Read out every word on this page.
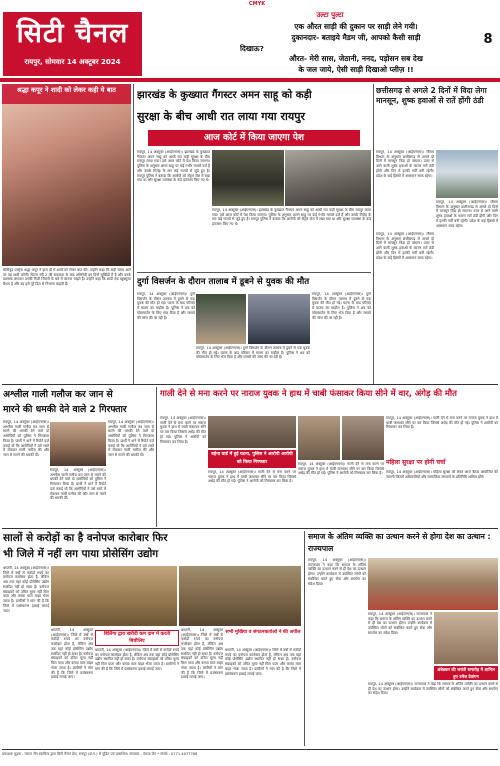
CMYK
सिटी चैनल
रायपुर, सोमवार 14 अक्टूबर 2024
उल्टा पुल्टा
एक औरत साड़ी की दुकान पर साड़ी लेने गयी।
दुकानदार- बताइये मैडम जी, आपको कैसी साड़ी
दिखाऊ?
औरत- मेरी सास, जेठानी, ननद, पड़ोसन सब देख
के जल जाये, ऐसी साड़ी दिखाओ प्लीज़ !!
8
श्रद्धा कपूर ने शादी को लेकर कही ये बात
बॉलीवुड एक्ट्रेस श्रद्धा कपूर ने हाल ही में शादी को लेकर बात की। उन्होंने कहा कि सही समय आने पर वह शादी करेंगी। फिल्म स्त्री 2 की सफलता के बाद अभिनेत्री इन दिनों सुर्खियों में हैं और उनके प्रशंसक लगातार उनकी निजी जिंदगी के बारे में जानना चाहते हैं। उन्होंने कहा कि शादी एक खूबसूरत रिश्ता है और वह इसे पूरे दिल से निभाना चाहती हैं।
झारखंड के कुख्यात गैंगस्टर अमन साहू को कड़ी
सुरक्षा के बीच आधी रात लाया गया रायपुर
आज कोर्ट में किया जाएगा पेश
रायपुर, 14 अक्टूबर (आईएनएस)। झारखंड के कुख्यात गैंगस्टर अमन साहू को आधी रात कड़ी सुरक्षा के बीच रायपुर लाया गया। उसे आज कोर्ट में पेश किया जाएगा। पुलिस के अनुसार अमन साहू पर कई गंभीर मामले दर्ज हैं और उसके गिरोह के तार कई राज्यों से जुड़े हुए हैं। रायपुर पुलिस ने बताया कि आरोपी को सेंट्रल जेल में रखा गया था और सुरक्षा व्यवस्था के कड़े इंतजाम किए गए थे।
रायपुर, 14 अक्टूबर (आईएनएस)। झारखंड के कुख्यात गैंगस्टर अमन साहू को आधी रात कड़ी सुरक्षा के बीच रायपुर लाया गया। उसे आज कोर्ट में पेश किया जाएगा। पुलिस के अनुसार अमन साहू पर कई गंभीर मामले दर्ज हैं और उसके गिरोह के तार कई राज्यों से जुड़े हुए हैं। रायपुर पुलिस ने बताया कि आरोपी को सेंट्रल जेल में रखा गया था और सुरक्षा व्यवस्था के कड़े इंतजाम किए गए थे।
छत्तीसगढ़ से अगले 2 दिनों में विदा लेगा मानसून, शुष्क हवाओं से रातें होंगी ठंडी
रायपुर, 14 अक्टूबर (आईएनएस)। मौसम विभाग के अनुसार छत्तीसगढ़ से अगले दो दिनों में मानसून विदा हो जाएगा। उत्तर से आने वाली शुष्क हवाओं के कारण रातें ठंडी होंगी और दिन में हल्की गर्मी बनी रहेगी। प्रदेश के कई हिस्सों में आसमान साफ रहेगा।
रायपुर, 14 अक्टूबर (आईएनएस)। मौसम विभाग के अनुसार छत्तीसगढ़ से अगले दो दिनों में मानसून विदा हो जाएगा। उत्तर से आने वाली शुष्क हवाओं के कारण रातें ठंडी होंगी और दिन में हल्की गर्मी बनी रहेगी। प्रदेश के कई हिस्सों में आसमान साफ रहेगा।
रायपुर, 14 अक्टूबर (आईएनएस)। मौसम विभाग के अनुसार छत्तीसगढ़ से अगले दो दिनों में मानसून विदा हो जाएगा। उत्तर से आने वाली शुष्क हवाओं के कारण रातें ठंडी होंगी और दिन में हल्की गर्मी बनी रहेगी। प्रदेश के कई हिस्सों में आसमान साफ रहेगा।
दुर्गा विसर्जन के दौरान तालाब में डूबने से युवक की मौत
रायपुर, 14 अक्टूबर (आईएनएस)। दुर्गा विसर्जन के दौरान तालाब में डूबने से एक युवक की मौत हो गई। घटना के बाद परिवार में मातम का माहौल है। पुलिस ने शव को पोस्टमार्टम के लिए भेज दिया है और मामले की जांच की जा रही है।
रायपुर, 14 अक्टूबर (आईएनएस)। दुर्गा विसर्जन के दौरान तालाब में डूबने से एक युवक की मौत हो गई। घटना के बाद परिवार में मातम का माहौल है। पुलिस ने शव को पोस्टमार्टम के लिए भेज दिया है और मामले की जांच की जा रही है।
रायपुर, 14 अक्टूबर (आईएनएस)। दुर्गा विसर्जन के दौरान तालाब में डूबने से एक युवक की मौत हो गई। घटना के बाद परिवार में मातम का माहौल है। पुलिस ने शव को पोस्टमार्टम के लिए भेज दिया है और मामले की जांच की जा रही है।
अश्लील गाली गलौज कर जान से
मारने की धमकी देने वाले 2 गिरफ्तार
रायपुर, 14 अक्टूबर (आईएनएस)। अश्लील गाली गलौज कर जान से मारने की धमकी देने वाले दो आरोपियों को पुलिस ने गिरफ्तार किया है। प्रार्थी ने थाने में रिपोर्ट दर्ज कराई थी कि आरोपियों ने उसे रास्ते में रोककर गाली गलौज की और जान से मारने की धमकी दी।
रायपुर, 14 अक्टूबर (आईएनएस)। अश्लील गाली गलौज कर जान से मारने की धमकी देने वाले दो आरोपियों को पुलिस ने गिरफ्तार किया है। प्रार्थी ने थाने में रिपोर्ट दर्ज कराई थी कि आरोपियों ने उसे रास्ते में रोककर गाली गलौज की और जान से मारने की धमकी दी।
रायपुर, 14 अक्टूबर (आईएनएस)। अश्लील गाली गलौज कर जान से मारने की धमकी देने वाले दो आरोपियों को पुलिस ने गिरफ्तार किया है। प्रार्थी ने थाने में रिपोर्ट दर्ज कराई थी कि आरोपियों ने उसे रास्ते में रोककर गाली गलौज की और जान से मारने की धमकी दी।
गाली देने से मना करने पर नाराज युवक ने हाथ में चाबी फंसाकर किया सीने में वार, अंगेड़ की मौत
रायपुर, 14 अक्टूबर (आईएनएस)। गाली देने से मना करने पर नाराज युवक ने हाथ में चाबी फंसाकर सीने पर वार किया जिससे अधेड़ की मौत हो गई। पुलिस ने आरोपी को गिरफ्तार कर लिया है।
बहेना वार्ड में हुई घटना, पुलिस ने आरोपी आरोपी को किया गिरफ्तार
रायपुर, 14 अक्टूबर (आईएनएस)। गाली देने से मना करने पर नाराज युवक ने हाथ में चाबी फंसाकर सीने पर वार किया जिससे अधेड़ की मौत हो गई। पुलिस ने आरोपी को गिरफ्तार कर लिया है।
रायपुर, 14 अक्टूबर (आईएनएस)। गाली देने से मना करने पर नाराज युवक ने हाथ में चाबी फंसाकर सीने पर वार किया जिससे अधेड़ की मौत हो गई। पुलिस ने आरोपी को गिरफ्तार कर लिया है।
रायपुर, 14 अक्टूबर (आईएनएस)। गाली देने से मना करने पर नाराज युवक ने हाथ में चाबी फंसाकर सीने पर वार किया जिससे अधेड़ की मौत हो गई। पुलिस ने आरोपी को गिरफ्तार कर लिया है।
महिला सुरक्षा पर होगी चर्चा
रायपुर, 14 अक्टूबर (आईएनएस)। महिला सुरक्षा को लेकर आज बैठक आयोजित की जाएगी जिसमें अधिकारियों और सामाजिक संगठनों के प्रतिनिधि शामिल होंगे।
सालों से करोड़ों का है वनोपज कारोबार फिर
भी जिले में नहीं लग पाया प्रोसेसिंग उद्योग
धमतरी, 14 अक्टूबर (आईएनएस)। जिले में वर्षों से करोड़ों रुपये का वनोपज कारोबार होता है, लेकिन अब तक यहां कोई प्रोसेसिंग उद्योग स्थापित नहीं हो सका है। वनोपज संग्राहकों को उचित मूल्य नहीं मिल पाता और कच्चा माल बाहर भेजा जाता है। ग्रामीणों ने मांग की है कि जिले में प्रसंस्करण इकाई लगाई जाए।
धमतरी, 14 अक्टूबर (आईएनएस)। जिले में वर्षों से करोड़ों रुपये का वनोपज कारोबार होता है, लेकिन अब तक यहां कोई प्रोसेसिंग उद्योग स्थापित नहीं हो सका है। वनोपज संग्राहकों को उचित मूल्य नहीं मिल पाता और कच्चा माल बाहर भेजा जाता है। ग्रामीणों ने मांग की है कि जिले में प्रसंस्करण इकाई लगाई जाए।
बिलिंगा द्वारा खरीदी कम दाम में करती बिचौलिए
धमतरी, 14 अक्टूबर (आईएनएस)। जिले में वर्षों से करोड़ों रुपये का वनोपज कारोबार होता है, लेकिन अब तक यहां कोई प्रोसेसिंग उद्योग स्थापित नहीं हो सका है। वनोपज संग्राहकों को उचित मूल्य नहीं मिल पाता और कच्चा माल बाहर भेजा जाता है। ग्रामीणों ने मांग की है कि जिले में प्रसंस्करण इकाई लगाई जाए।
धमतरी, 14 अक्टूबर (आईएनएस)। जिले में वर्षों से करोड़ों रुपये का वनोपज कारोबार होता है, लेकिन अब तक यहां कोई प्रोसेसिंग उद्योग स्थापित नहीं हो सका है। वनोपज संग्राहकों को उचित मूल्य नहीं मिल पाता और कच्चा माल बाहर भेजा जाता है। ग्रामीणों ने मांग की है कि जिले में प्रसंस्करण इकाई लगाई जाए।
सभी मुखिया व संगठनकर्ताओं ने की अपील
धमतरी, 14 अक्टूबर (आईएनएस)। जिले में वर्षों से करोड़ों रुपये का वनोपज कारोबार होता है, लेकिन अब तक यहां कोई प्रोसेसिंग उद्योग स्थापित नहीं हो सका है। वनोपज संग्राहकों को उचित मूल्य नहीं मिल पाता और कच्चा माल बाहर भेजा जाता है। ग्रामीणों ने मांग की है कि जिले में प्रसंस्करण इकाई लगाई जाए।
समाज के अंतिम व्यक्ति का उत्थान करने से होगा देश का उत्थान : राज्यपाल
रायपुर, 14 अक्टूबर (आईएनएस)। राज्यपाल ने कहा कि समाज के अंतिम व्यक्ति का उत्थान करने से ही देश का उत्थान होगा। उन्होंने कार्यक्रम में उपस्थित लोगों को संबोधित करते हुए सेवा और समर्पण का संदेश दिया।
रायपुर, 14 अक्टूबर (आईएनएस)। राज्यपाल ने कहा कि समाज के अंतिम व्यक्ति का उत्थान करने से ही देश का उत्थान होगा। उन्होंने कार्यक्रम में उपस्थित लोगों को संबोधित करते हुए सेवा और समर्पण का संदेश दिया।
अंबेडकर की जयंती समारोह में शामिल हुए उमेश देवांगन
रायपुर, 14 अक्टूबर (आईएनएस)। राज्यपाल ने कहा कि समाज के अंतिम व्यक्ति का उत्थान करने से ही देश का उत्थान होगा। उन्होंने कार्यक्रम में उपस्थित लोगों को संबोधित करते हुए सेवा और समर्पण का संदेश दिया।
प्रकाशक मुद्रक - पंकज जैन स्वामित्व द्वारा सिटी चैनल प्रेस, रायपुर (छ.ग.) से मुद्रित एवं प्रकाशित। संपादक - पंकज जैन * संपर्क : 0771-4077768
